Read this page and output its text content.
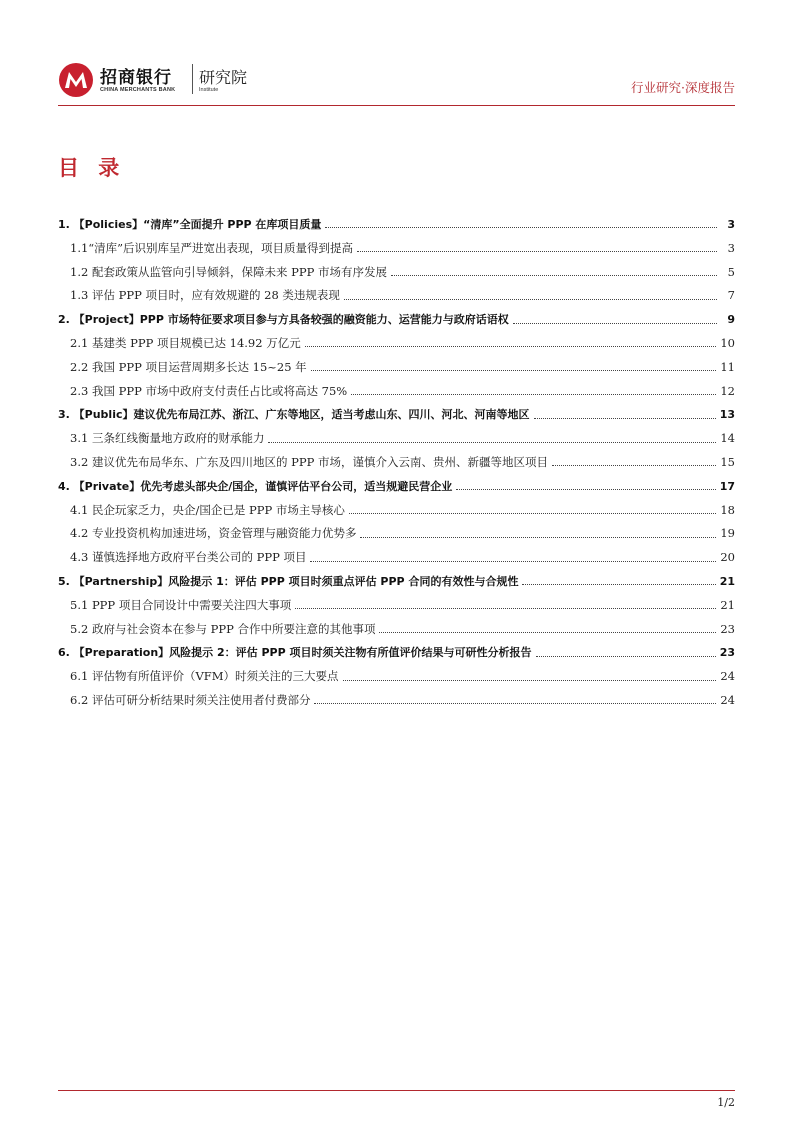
招商银行
CHINA MERCHANTS BANK
研究院
Institute	行业研究·深度报告
目 录
1. 【Policies】“清库”全面提升 PPP 在库项目质量	3
1.1“清库”后识别库呈严进宽出表现，项目质量得到提高	3
1.2 配套政策从监管向引导倾斜，保障未来 PPP 市场有序发展	5
1.3 评估 PPP 项目时，应有效规避的 28 类违规表现	7
2. 【Project】PPP 市场特征要求项目参与方具备较强的融资能力、运营能力与政府话语权	9
2.1 基建类 PPP 项目规模已达 14.92 万亿元	10
2.2 我国 PPP 项目运营周期多长达 15~25 年	11
2.3 我国 PPP 市场中政府支付责任占比或将高达 75%	12
3. 【Public】建议优先布局江苏、浙江、广东等地区，适当考虑山东、四川、河北、河南等地区	13
3.1 三条红线衡量地方政府的财承能力	14
3.2 建议优先布局华东、广东及四川地区的 PPP 市场，谨慎介入云南、贵州、新疆等地区项目	15
4. 【Private】优先考虑头部央企/国企，谨慎评估平台公司，适当规避民营企业	17
4.1 民企玩家乏力，央企/国企已是 PPP 市场主导核心	18
4.2 专业投资机构加速进场，资金管理与融资能力优势多	19
4.3 谨慎选择地方政府平台类公司的 PPP 项目	20
5. 【Partnership】风险提示 1：评估 PPP 项目时须重点评估 PPP 合同的有效性与合规性	21
5.1 PPP 项目合同设计中需要关注四大事项	21
5.2 政府与社会资本在参与 PPP 合作中所要注意的其他事项	23
6. 【Preparation】风险提示 2：评估 PPP 项目时须关注物有所值评价结果与可研性分析报告	23
6.1 评估物有所值评价（VFM）时须关注的三大要点	24
6.2 评估可研分析结果时须关注使用者付费部分	24
1/2
